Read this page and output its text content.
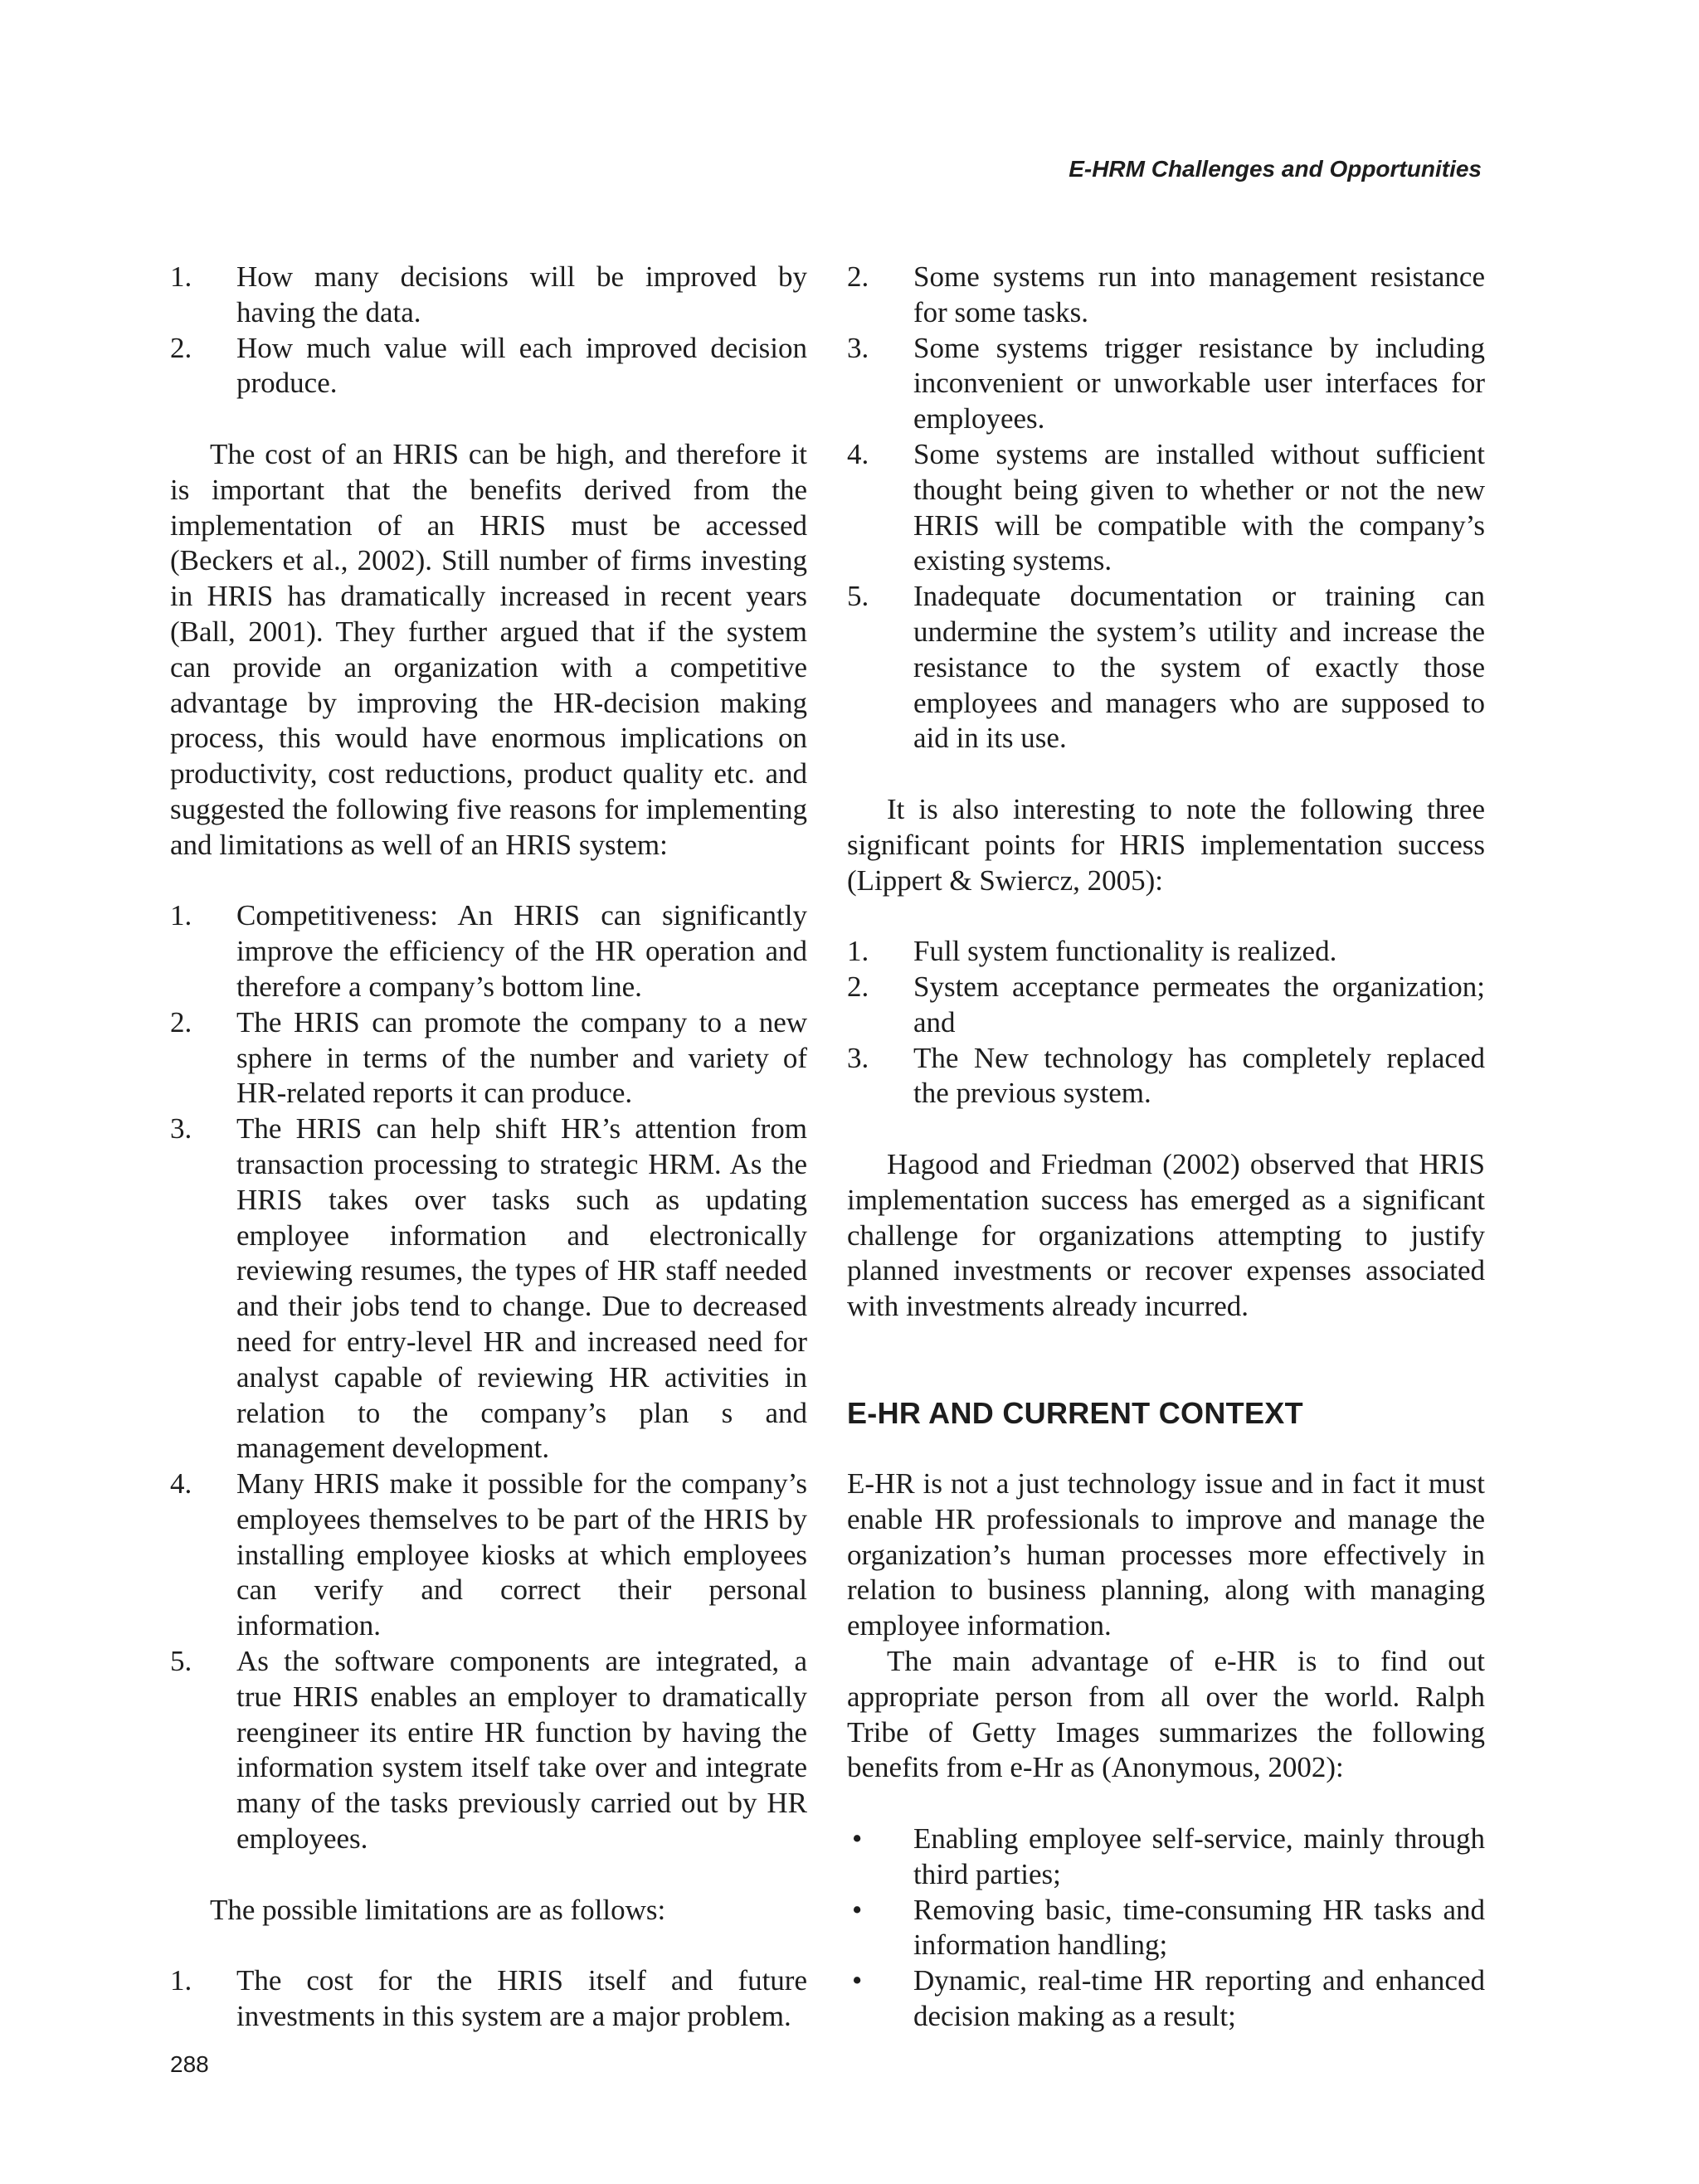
E-HRM Challenges and Opportunities
1.	How many decisions will be improved by having the data.
2.	How much value will each improved decision produce.

The cost of an HRIS can be high, and therefore it is important that the benefits derived from the implementation of an HRIS must be accessed (Beckers et al., 2002). Still number of firms investing in HRIS has dramatically increased in recent years (Ball, 2001). They further argued that if the system can provide an organization with a competitive advantage by improving the HR-decision making process, this would have enormous implications on productivity, cost reductions, product quality etc. and suggested the following five reasons for implementing and limitations as well of an HRIS system:

1.	Competitiveness: An HRIS can significantly improve the efficiency of the HR operation and therefore a company’s bottom line.
2.	The HRIS can promote the company to a new sphere in terms of the number and variety of HR-related reports it can produce.
3.	The HRIS can help shift HR’s attention from transaction processing to strategic HRM. As the HRIS takes over tasks such as updating employee information and electronically reviewing resumes, the types of HR staff needed and their jobs tend to change. Due to decreased need for entry-level HR and increased need for analyst capable of reviewing HR activities in relation to the company’s plan s and management development.
4.	Many HRIS make it possible for the company’s employees themselves to be part of the HRIS by installing employee kiosks at which employees can verify and correct their personal information.
5.	As the software components are integrated, a true HRIS enables an employer to dramatically reengineer its entire HR function by having the information system itself take over and integrate many of the tasks previously carried out by HR employees.

The possible limitations are as follows:

1.	The cost for the HRIS itself and future investments in this system are a major problem.
2.	Some systems run into management resistance for some tasks.
3.	Some systems trigger resistance by including inconvenient or unworkable user interfaces for employees.
4.	Some systems are installed without sufficient thought being given to whether or not the new HRIS will be compatible with the company’s existing systems.
5.	Inadequate documentation or training can undermine the system’s utility and increase the resistance to the system of exactly those employees and managers who are supposed to aid in its use.

It is also interesting to note the following three significant points for HRIS implementation success (Lippert & Swiercz, 2005):

1.	Full system functionality is realized.
2.	System acceptance permeates the organization; and
3.	The New technology has completely replaced the previous system.

Hagood and Friedman (2002) observed that HRIS implementation success has emerged as a significant challenge for organizations attempting to justify planned investments or recover expenses associated with investments already incurred.

E-HR AND CURRENT CONTEXT

E-HR is not a just technology issue and in fact it must enable HR professionals to improve and manage the organization’s human processes more effectively in relation to business planning, along with managing employee information.

The main advantage of e-HR is to find out appropriate person from all over the world. Ralph Tribe of Getty Images summarizes the following benefits from e-Hr as (Anonymous, 2002):

•	Enabling employee self-service, mainly through third parties;
•	Removing basic, time-consuming HR tasks and information handling;
•	Dynamic, real-time HR reporting and enhanced decision making as a result;
288
